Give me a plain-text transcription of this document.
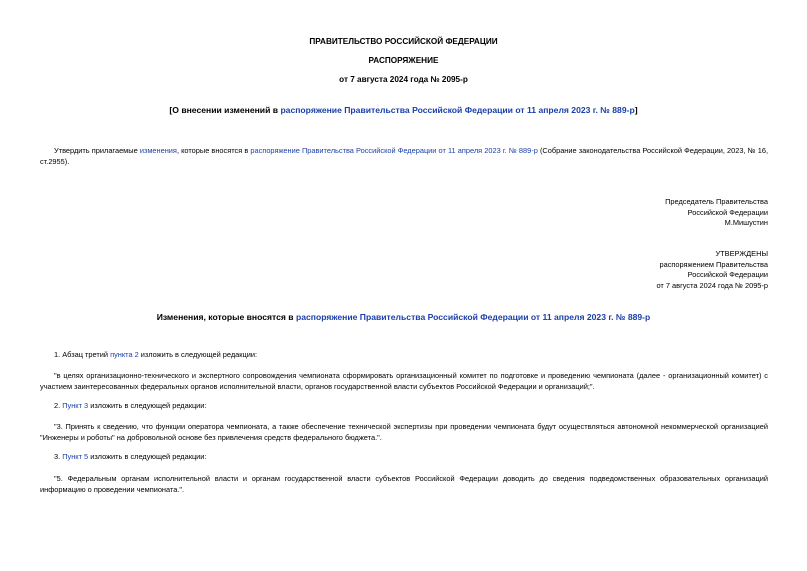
ПРАВИТЕЛЬСТВО РОССИЙСКОЙ ФЕДЕРАЦИИ
РАСПОРЯЖЕНИЕ
от 7 августа 2024 года № 2095-р
[О внесении изменений в распоряжение Правительства Российской Федерации от 11 апреля 2023 г. № 889-р]
Утвердить прилагаемые изменения, которые вносятся в распоряжение Правительства Российской Федерации от 11 апреля 2023 г. № 889-р (Собрание законодательства Российской Федерации, 2023, № 16, ст.2955).
Председатель Правительства
Российской Федерации
М.Мишустин
УТВЕРЖДЕНЫ
распоряжением Правительства
Российской Федерации
от 7 августа 2024 года № 2095-р
Изменения, которые вносятся в распоряжение Правительства Российской Федерации от 11 апреля 2023 г. № 889-р
1. Абзац третий пункта 2 изложить в следующей редакции:
"в целях организационно-технического и экспертного сопровождения чемпионата сформировать организационный комитет по подготовке и проведению чемпионата (далее - организационный комитет) с участием заинтересованных федеральных органов исполнительной власти, органов государственной власти субъектов Российской Федерации и организаций;".
2. Пункт 3 изложить в следующей редакции:
"3. Принять к сведению, что функции оператора чемпионата, а также обеспечение технической экспертизы при проведении чемпионата будут осуществляться автономной некоммерческой организацией "Инженеры и роботы" на добровольной основе без привлечения средств федерального бюджета.".
3. Пункт 5 изложить в следующей редакции:
"5. Федеральным органам исполнительной власти и органам государственной власти субъектов Российской Федерации доводить до сведения подведомственных образовательных организаций информацию о проведении чемпионата.".
